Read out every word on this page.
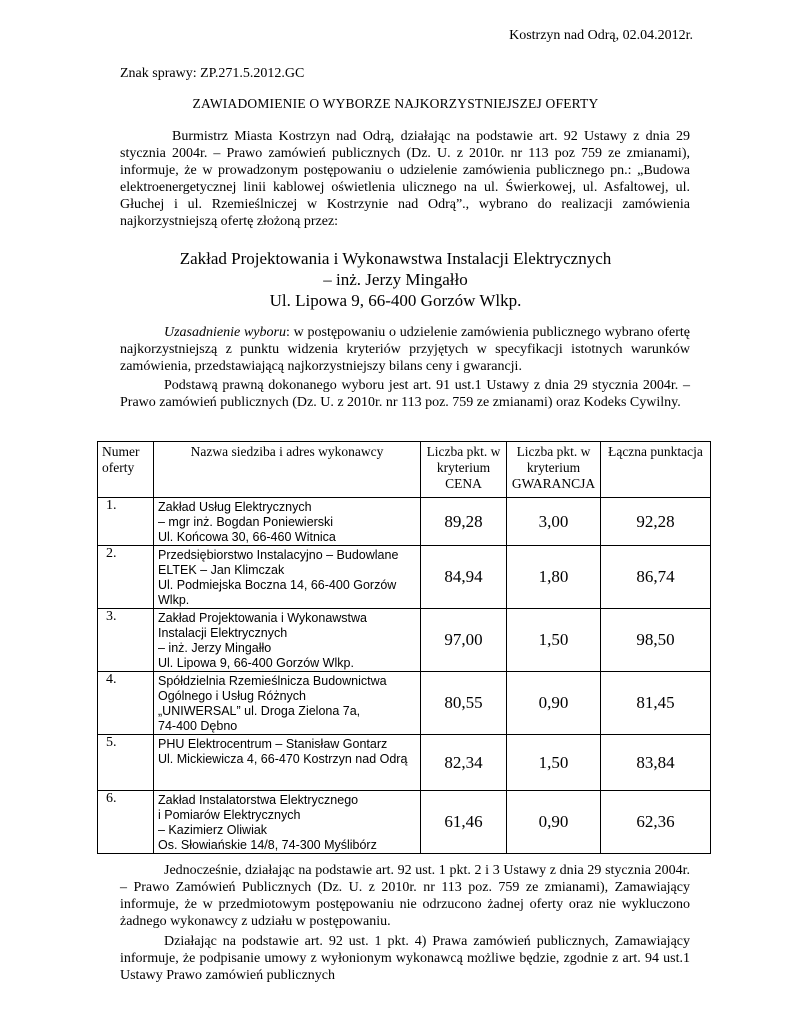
Kostrzyn nad Odrą, 02.04.2012r.
Znak sprawy: ZP.271.5.2012.GC
ZAWIADOMIENIE O WYBORZE NAJKORZYSTNIEJSZEJ OFERTY
Burmistrz Miasta Kostrzyn nad Odrą, działając na podstawie art. 92 Ustawy z dnia 29 stycznia 2004r. – Prawo zamówień publicznych (Dz. U. z 2010r. nr 113 poz 759 ze zmianami), informuje, że w prowadzonym postępowaniu o udzielenie zamówienia publicznego pn.: „Budowa elektroenergetycznej linii kablowej oświetlenia ulicznego na ul. Świerkowej, ul. Asfaltowej, ul. Głuchej i ul. Rzemieślniczej w Kostrzynie nad Odrą”., wybrano do realizacji zamówienia najkorzystniejszą ofertę złożoną przez:
Zakład Projektowania i Wykonawstwa Instalacji Elektrycznych
– inż. Jerzy Mingałło
Ul. Lipowa 9, 66-400 Gorzów Wlkp.
Uzasadnienie wyboru: w postępowaniu o udzielenie zamówienia publicznego wybrano ofertę najkorzystniejszą z punktu widzenia kryteriów przyjętych w specyfikacji istotnych warunków zamówienia, przedstawiającą najkorzystniejszy bilans ceny i gwarancji.
Podstawą prawną dokonanego wyboru jest art. 91 ust.1 Ustawy z dnia 29 stycznia 2004r. – Prawo zamówień publicznych (Dz. U. z 2010r. nr 113 poz. 759 ze zmianami) oraz Kodeks Cywilny.
Numer oferty	Nazwa siedziba i adres wykonawcy	Liczba pkt. w kryterium CENA	Liczba pkt. w kryterium GWARANCJA	Łączna punktacja
1.	Zakład Usług Elektrycznych
– mgr inż. Bogdan Poniewierski
Ul. Końcowa 30, 66-460 Witnica	89,28	3,00	92,28
2.	Przedsiębiorstwo Instalacyjno – Budowlane ELTEK – Jan Klimczak
Ul. Podmiejska Boczna 14, 66-400 Gorzów Wlkp.	84,94	1,80	86,74
3.	Zakład Projektowania i Wykonawstwa Instalacji Elektrycznych
– inż. Jerzy Mingałło
Ul. Lipowa 9, 66-400 Gorzów Wlkp.	97,00	1,50	98,50
4.	Spółdzielnia Rzemieślnicza Budownictwa Ogólnego i Usług Różnych
„UNIWERSAL” ul. Droga Zielona 7a,
74-400 Dębno	80,55	0,90	81,45
5.	PHU Elektrocentrum – Stanisław Gontarz
Ul. Mickiewicza 4, 66-470 Kostrzyn nad Odrą	82,34	1,50	83,84
6.	Zakład Instalatorstwa Elektrycznego
i Pomiarów Elektrycznych
– Kazimierz Oliwiak
Os. Słowiańskie 14/8, 74-300 Myślibórz	61,46	0,90	62,36
Jednocześnie, działając na podstawie art. 92 ust. 1 pkt. 2 i 3 Ustawy z dnia 29 stycznia 2004r. – Prawo Zamówień Publicznych (Dz. U. z 2010r. nr 113 poz. 759 ze zmianami), Zamawiający informuje, że w przedmiotowym postępowaniu nie odrzucono żadnej oferty oraz nie wykluczono żadnego wykonawcy z udziału w postępowaniu.
Działając na podstawie art. 92 ust. 1 pkt. 4) Prawa zamówień publicznych, Zamawiający informuje, że podpisanie umowy z wyłonionym wykonawcą możliwe będzie, zgodnie z art. 94 ust.1 Ustawy Prawo zamówień publicznych
